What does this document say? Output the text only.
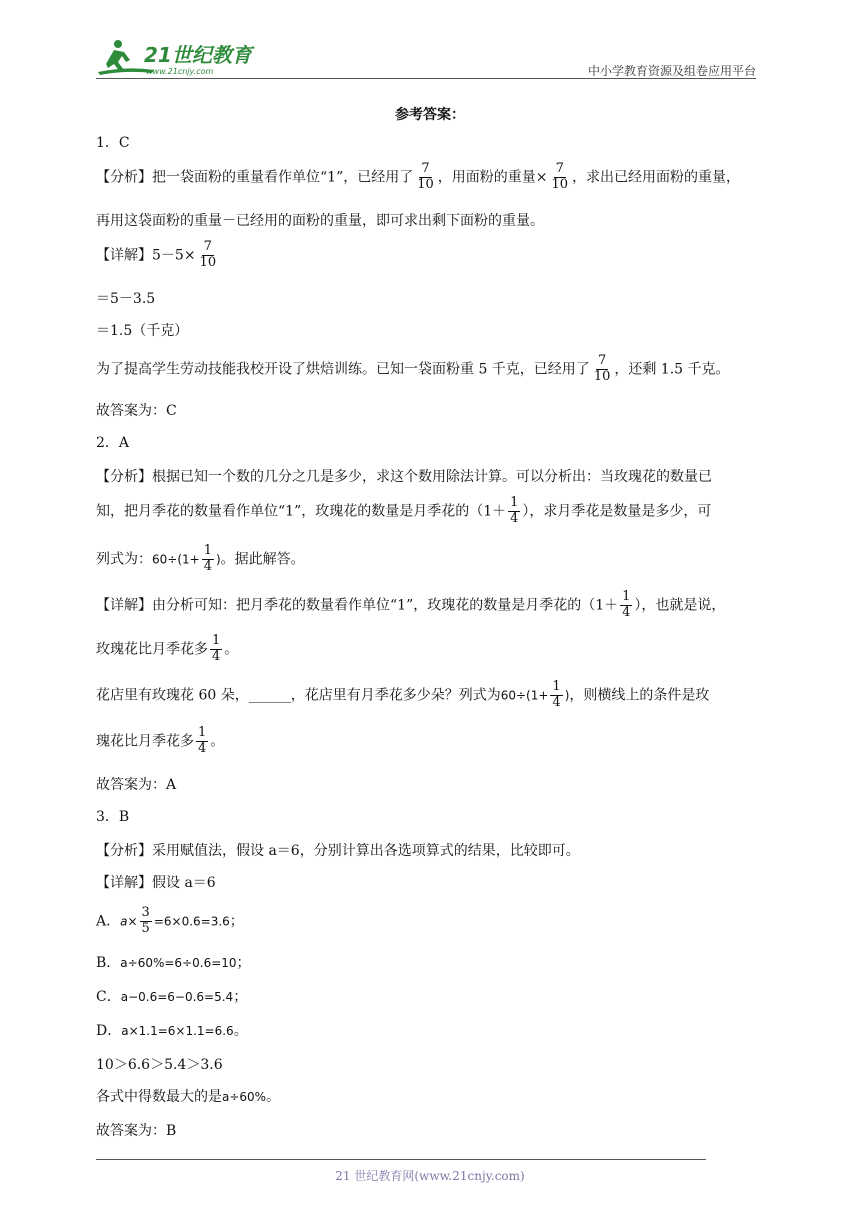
21世纪教育
www.21cnjy.com	中小学教育资源及组卷应用平台
参考答案：
1．C
【分析】把一袋面粉的重量看作单位“1”，已经用了 $\frac{7}{10}$ ，用面粉的重量× $\frac{7}{10}$ ，求出已经用面粉的重量，
再用这袋面粉的重量－已经用的面粉的重量，即可求出剩下面粉的重量。
【详解】$5-5\times \frac{7}{10}$
＝5－3.5
＝1.5（千克）
为了提高学生劳动技能我校开设了烘焙训练。已知一袋面粉重 5 千克，已经用了 $\frac{7}{10}$ ，还剩 1.5 千克。
故答案为：C
2．A
【分析】根据已知一个数的几分之几是多少，求这个数用除法计算。可以分析出：当玫瑰花的数量已
知，把月季花的数量看作单位“1”，玫瑰花的数量是月季花的（$1+ \frac{1}{4}$ ），求月季花是数量是多少，可
列式为：$60\div(1+ \frac{1}{4}$ )。据此解答。
【详解】由分析可知：把月季花的数量看作单位“1”，玫瑰花的数量是月季花的（$1+ \frac{1}{4}$ ），也就是说，
玫瑰花比月季花多 $\frac{1}{4}$ 。
花店里有玫瑰花 60 朵，______，花店里有月季花多少朵？列式为$60\div(1+ \frac{1}{4}$ )，则横线上的条件是玫
瑰花比月季花多 $\frac{1}{4}$ 。
故答案为：A
3．B
【分析】采用赋值法，假设 a＝6，分别计算出各选项算式的结果，比较即可。
【详解】假设 a＝6
A．$a\times \frac{3}{5} =6\times 0.6=3.6$；
B．a÷60%=6÷0.6=10；
C．a−0.6=6−0.6=5.4；
D．a×1.1=6×1.1=6.6。
10＞6.6＞5.4＞3.6
各式中得数最大的是a÷60%。
故答案为：B
21 世纪教育网(www.21cnjy.com)
